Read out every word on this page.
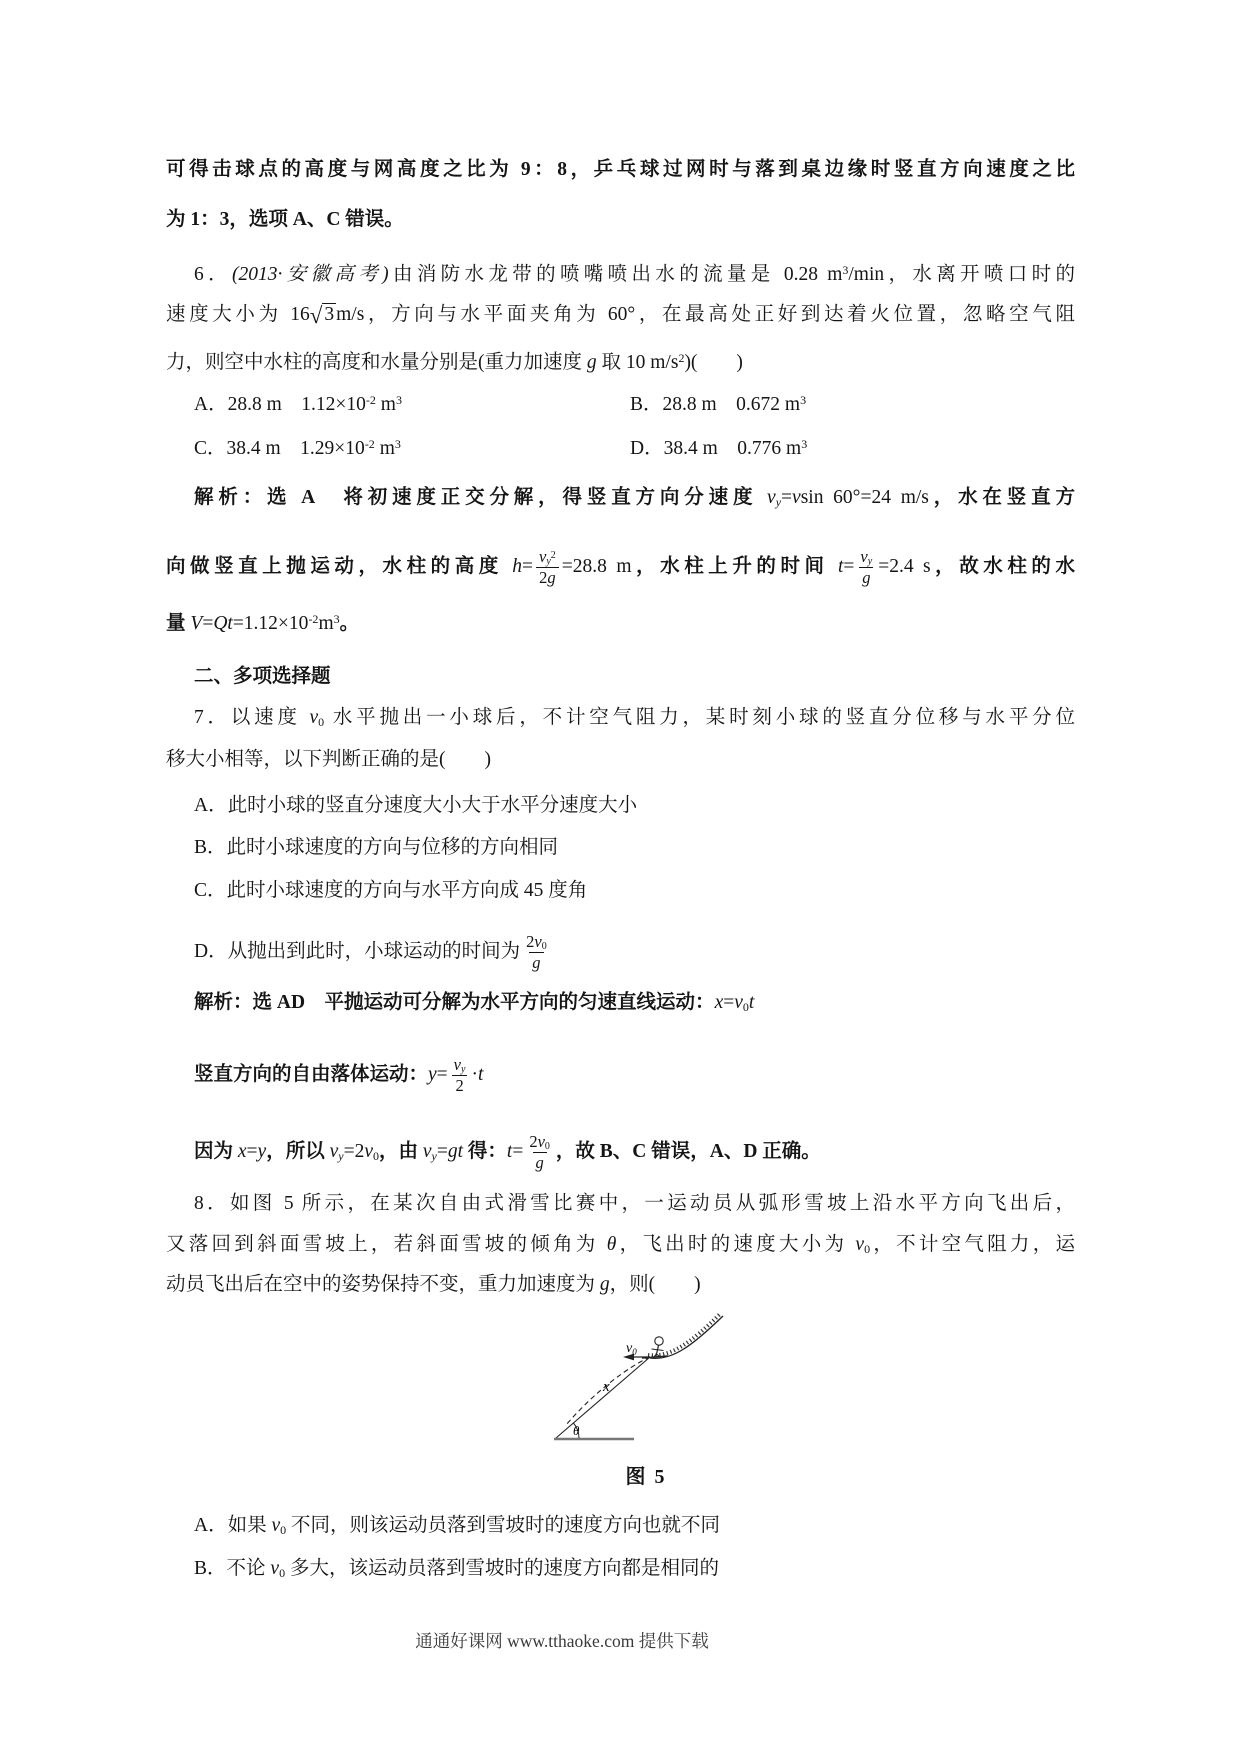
可得击球点的高度与网高度之比为 9：8，乒乓球过网时与落到桌边缘时竖直方向速度之比
为 1：3，选项 A、C 错误。
6．(2013·安徽高考)由消防水龙带的喷嘴喷出水的流量是 0.28 $m^3/\min$，水离开喷口时的
速度大小为 16√ 3 m/s，方向与水平面夹角为 60°，在最高处正好到达着火位置，忽略空气阻
力，则空中水柱的高度和水量分别是(重力加速度 g 取 10 $m/s^2$)(　　)
A．28.8 m　$1.12\times 10^{-2}$ $m^3$	B．28.8 m　0.672 $m^3$
C．38.4 m　$1.29\times 10^{-2}$ $m^3$	D．38.4 m　0.776 $m^3$
解析：选 A　将初速度正交分解，得竖直方向分速度 $v_y=vsin$ 60°=24 m/s，水在竖直方
向做竖直上抛运动，水柱的高度 $h= \frac{v_y^2}{2g} =28.8$ m，水柱上升的时间 $t= \frac{v_y}{g} =2.4$ s，故水柱的水
量 $V=Qt=1.12\times 10^{-2}m^3$。
二、多项选择题
7．以速度 $v_0$ 水平抛出一小球后，不计空气阻力，某时刻小球的竖直分位移与水平分位
移大小相等，以下判断正确的是(　　)
A．此时小球的竖直分速度大小大于水平分速度大小
B．此时小球速度的方向与位移的方向相同
C．此时小球速度的方向与水平方向成 45 度角
D．从抛出到此时，小球运动的时间为 $\frac{2v_0}{g}$
解析：选 AD　平抛运动可分解为水平方向的匀速直线运动：$x=v_0t$
竖直方向的自由落体运动：$y= \frac{v_y}{2} \cdot t$
因为 x=y，所以 $v_y=2v_0$，由 $v_y=gt$ 得：$t= \frac{2v_0}{g}$ ，故 B、C 错误，A、D 正确。
8．如图 5 所示，在某次自由式滑雪比赛中，一运动员从弧形雪坡上沿水平方向飞出后，
又落回到斜面雪坡上，若斜面雪坡的倾角为 θ，飞出时的速度大小为 $v_0$，不计空气阻力，运
动员飞出后在空中的姿势保持不变，重力加速度为 g，则(　　)
$v_0$
x
θ
图 5
A．如果 $v_0$ 不同，则该运动员落到雪坡时的速度方向也就不同
B．不论 $v_0$ 多大，该运动员落到雪坡时的速度方向都是相同的
通通好课网 www.tthaoke.com 提供下载
